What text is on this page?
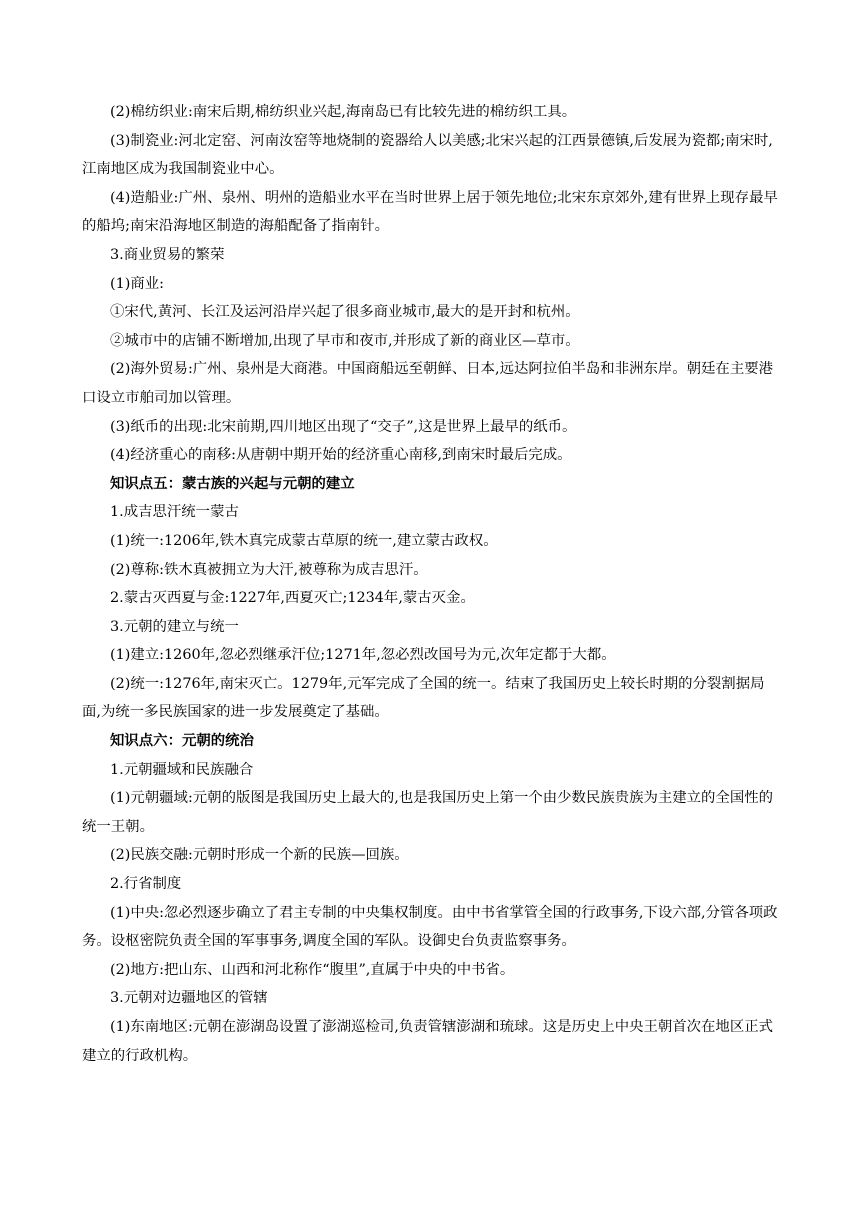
(2)棉纺织业:南宋后期,棉纺织业兴起,海南岛已有比较先进的棉纺织工具。

(3)制瓷业:河北定窑、河南汝窑等地烧制的瓷器给人以美感;北宋兴起的江西景德镇,后发展为瓷都;南宋时,江南地区成为我国制瓷业中心。

(4)造船业:广州、泉州、明州的造船业水平在当时世界上居于领先地位;北宋东京郊外,建有世界上现存最早的船坞;南宋沿海地区制造的海船配备了指南针。

3.商业贸易的繁荣

(1)商业:

①宋代,黄河、长江及运河沿岸兴起了很多商业城市,最大的是开封和杭州。

②城市中的店铺不断增加,出现了早市和夜市,并形成了新的商业区—草市。

(2)海外贸易:广州、泉州是大商港。中国商船远至朝鲜、日本,远达阿拉伯半岛和非洲东岸。朝廷在主要港口设立市舶司加以管理。

(3)纸币的出现:北宋前期,四川地区出现了“交子”,这是世界上最早的纸币。

(4)经济重心的南移:从唐朝中期开始的经济重心南移,到南宋时最后完成。

知识点五：蒙古族的兴起与元朝的建立

1.成吉思汗统一蒙古

(1)统一:1206年,铁木真完成蒙古草原的统一,建立蒙古政权。

(2)尊称:铁木真被拥立为大汗,被尊称为成吉思汗。

2.蒙古灭西夏与金:1227年,西夏灭亡;1234年,蒙古灭金。

3.元朝的建立与统一

(1)建立:1260年,忽必烈继承汗位;1271年,忽必烈改国号为元,次年定都于大都。

(2)统一:1276年,南宋灭亡。1279年,元军完成了全国的统一。结束了我国历史上较长时期的分裂割据局面,为统一多民族国家的进一步发展奠定了基础。

知识点六：元朝的统治

1.元朝疆域和民族融合

(1)元朝疆域:元朝的版图是我国历史上最大的,也是我国历史上第一个由少数民族贵族为主建立的全国性的统一王朝。

(2)民族交融:元朝时形成一个新的民族—回族。

2.行省制度

(1)中央:忽必烈逐步确立了君主专制的中央集权制度。由中书省掌管全国的行政事务,下设六部,分管各项政务。设枢密院负责全国的军事事务,调度全国的军队。设御史台负责监察事务。

(2)地方:把山东、山西和河北称作“腹里”,直属于中央的中书省。

3.元朝对边疆地区的管辖

(1)东南地区:元朝在澎湖岛设置了澎湖巡检司,负责管辖澎湖和琉球。这是历史上中央王朝首次在地区正式建立的行政机构。
